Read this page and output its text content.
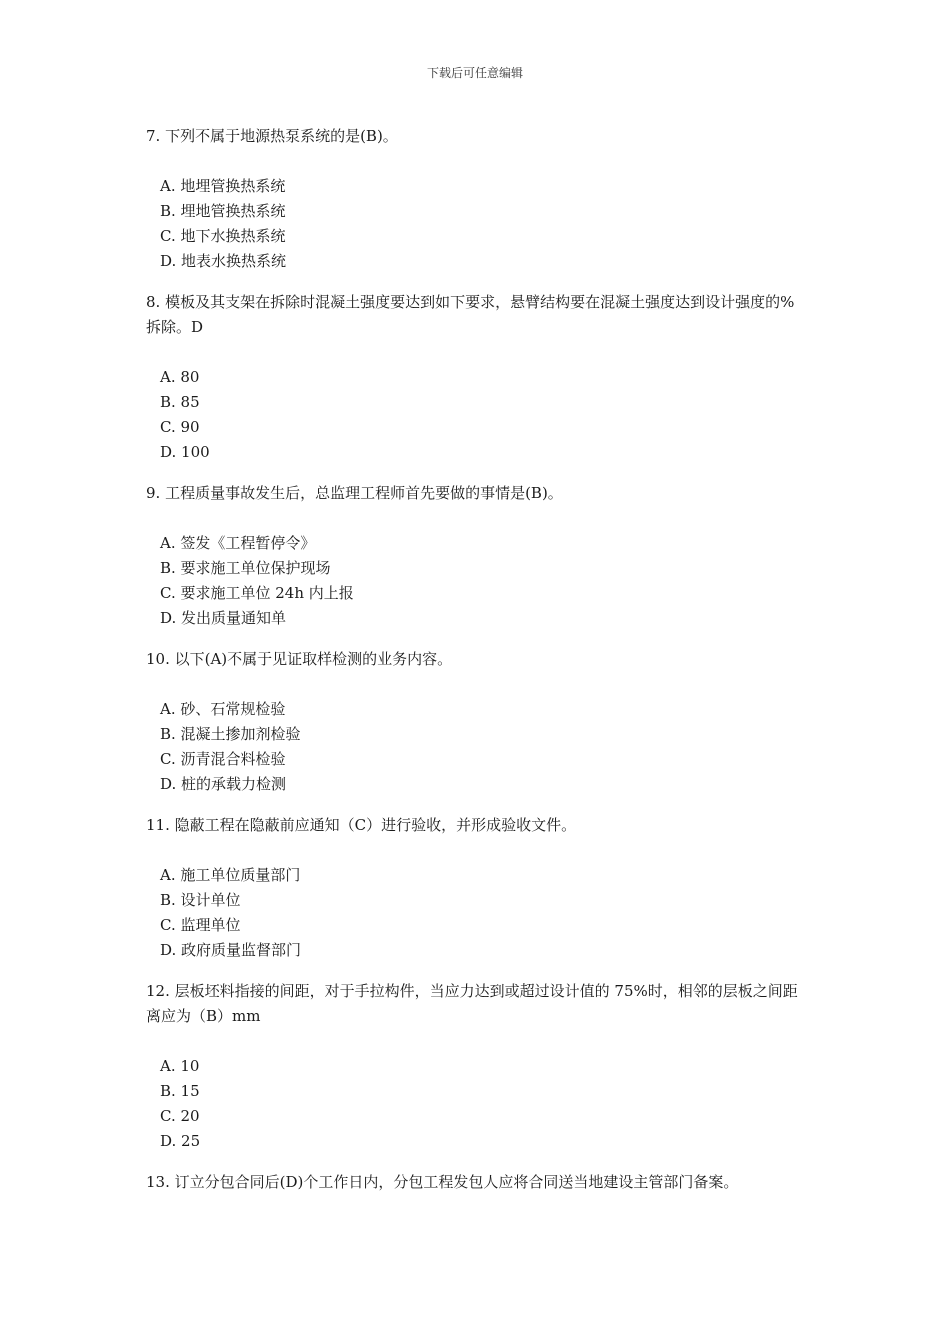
下载后可任意编辑
7. 下列不属于地源热泵系统的是(B)。
A. 地埋管换热系统
B. 埋地管换热系统
C. 地下水换热系统
D. 地表水换热系统
8. 模板及其支架在拆除时混凝土强度要达到如下要求，悬臂结构要在混凝土强度达到设计强度的%拆除。D
A. 80
B. 85
C. 90
D. 100
9. 工程质量事故发生后，总监理工程师首先要做的事情是(B)。
A. 签发《工程暂停令》
B. 要求施工单位保护现场
C. 要求施工单位 24h 内上报
D. 发出质量通知单
10. 以下(A)不属于见证取样检测的业务内容。
A. 砂、石常规检验
B. 混凝土掺加剂检验
C. 沥青混合料检验
D. 桩的承载力检测
11. 隐蔽工程在隐蔽前应通知（C）进行验收，并形成验收文件。
A. 施工单位质量部门
B. 设计单位
C. 监理单位
D. 政府质量监督部门
12. 层板坯料指接的间距，对于手拉构件，当应力达到或超过设计值的 75%时，相邻的层板之间距离应为（B）mm
A. 10
B. 15
C. 20
D. 25
13. 订立分包合同后(D)个工作日内，分包工程发包人应将合同送当地建设主管部门备案。
